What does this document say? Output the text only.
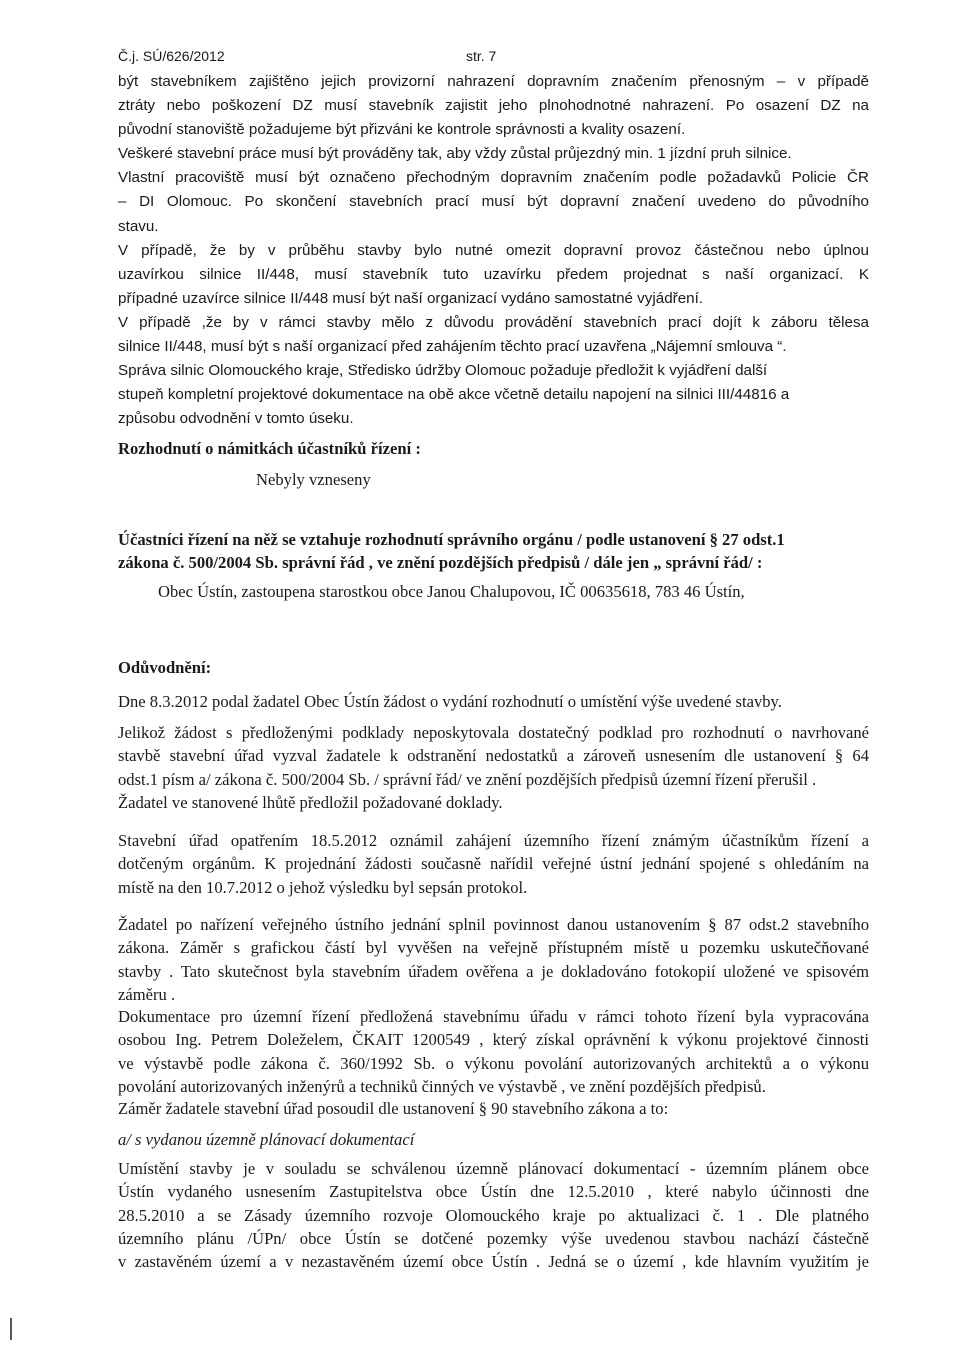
Č.j. SÚ/626/2012	str. 7
být stavebníkem zajištěno jejich provizorní nahrazení dopravním značením přenosným – v případě
ztráty nebo poškození DZ musí stavebník zajistit jeho plnohodnotné nahrazení. Po osazení DZ na
původní stanoviště požadujeme být přizváni ke kontrole správnosti a kvality osazení.
Veškeré stavební práce musí být prováděny tak, aby vždy zůstal průjezdný min. 1 jízdní pruh silnice.
Vlastní pracoviště musí být označeno přechodným dopravním značením podle požadavků Policie ČR
– DI Olomouc. Po skončení stavebních prací musí být dopravní značení uvedeno do původního
stavu.
V případě, že by v průběhu stavby bylo nutné omezit dopravní provoz částečnou nebo úplnou
uzavírkou silnice II/448, musí stavebník tuto uzavírku předem projednat s naší organizací. K
případné uzavírce silnice II/448 musí být naší organizací vydáno samostatné vyjádření.
V případě ,že by v rámci stavby mělo z důvodu provádění stavebních prací dojít k záboru tělesa
silnice II/448, musí být s naší organizací před zahájením těchto prací uzavřena „Nájemní smlouva “.
Správa silnic Olomouckého kraje, Středisko údržby Olomouc požaduje předložit k vyjádření další
stupeň kompletní projektové dokumentace na obě akce včetně detailu napojení na silnici III/44816 a
způsobu odvodnění v tomto úseku.
Rozhodnutí o námitkách účastníků řízení :
Nebyly vzneseny
Účastníci řízení na něž se vztahuje rozhodnutí správního orgánu / podle ustanovení § 27 odst.1
zákona č. 500/2004 Sb. správní řád , ve znění pozdějších předpisů / dále jen „ správní řád/ :
Obec Ústín, zastoupena starostkou obce Janou Chalupovou, IČ 00635618, 783 46 Ústín,
Odůvodnění:
Dne 8.3.2012 podal žadatel Obec Ústín žádost o vydání rozhodnutí o umístění výše uvedené stavby.
Jelikož žádost s předloženými podklady neposkytovala dostatečný podklad pro rozhodnutí o navrhované
stavbě stavební úřad vyzval žadatele k odstranění nedostatků a zároveň usnesením dle ustanovení § 64
odst.1 písm a/ zákona č. 500/2004 Sb. / správní řád/ ve znění pozdějších předpisů územní řízení přerušil .
Žadatel ve stanovené lhůtě předložil požadované doklady.
Stavební úřad opatřením 18.5.2012 oznámil zahájení územního řízení známým účastníkům řízení a
dotčeným orgánům. K projednání žádosti současně nařídil veřejné ústní jednání spojené s ohledáním na
místě na den 10.7.2012 o jehož výsledku byl sepsán protokol.
Žadatel po nařízení veřejného ústního jednání splnil povinnost danou ustanovením § 87 odst.2 stavebního
zákona. Záměr s grafickou částí byl vyvěšen na veřejně přístupném místě u pozemku uskutečňované
stavby . Tato skutečnost byla stavebním úřadem ověřena a je dokladováno fotokopií uložené ve spisovém
záměru .
Dokumentace pro územní řízení předložená stavebnímu úřadu v rámci tohoto řízení byla vypracována
osobou Ing. Petrem Doleželem, ČKAIT 1200549 , který získal oprávnění k výkonu projektové činnosti
ve výstavbě podle zákona č. 360/1992 Sb. o výkonu povolání autorizovaných architektů a o výkonu
povolání autorizovaných inženýrů a techniků činných ve výstavbě , ve znění pozdějších předpisů.
Záměr žadatele stavební úřad posoudil dle ustanovení § 90 stavebního zákona a to:
a/ s vydanou územně plánovací dokumentací
Umístění stavby je v souladu se schválenou územně plánovací dokumentací - územním plánem obce
Ústín vydaného usnesením Zastupitelstva obce Ústín dne 12.5.2010 , které nabylo účinnosti dne
28.5.2010 a se Zásady územního rozvoje Olomouckého kraje po aktualizaci č. 1 . Dle platného
územního plánu /ÚPn/ obce Ústín se dotčené pozemky výše uvedenou stavbou nachází částečně
v zastavěném území a v nezastavěném území obce Ústín . Jedná se o území , kde hlavním využitím je
